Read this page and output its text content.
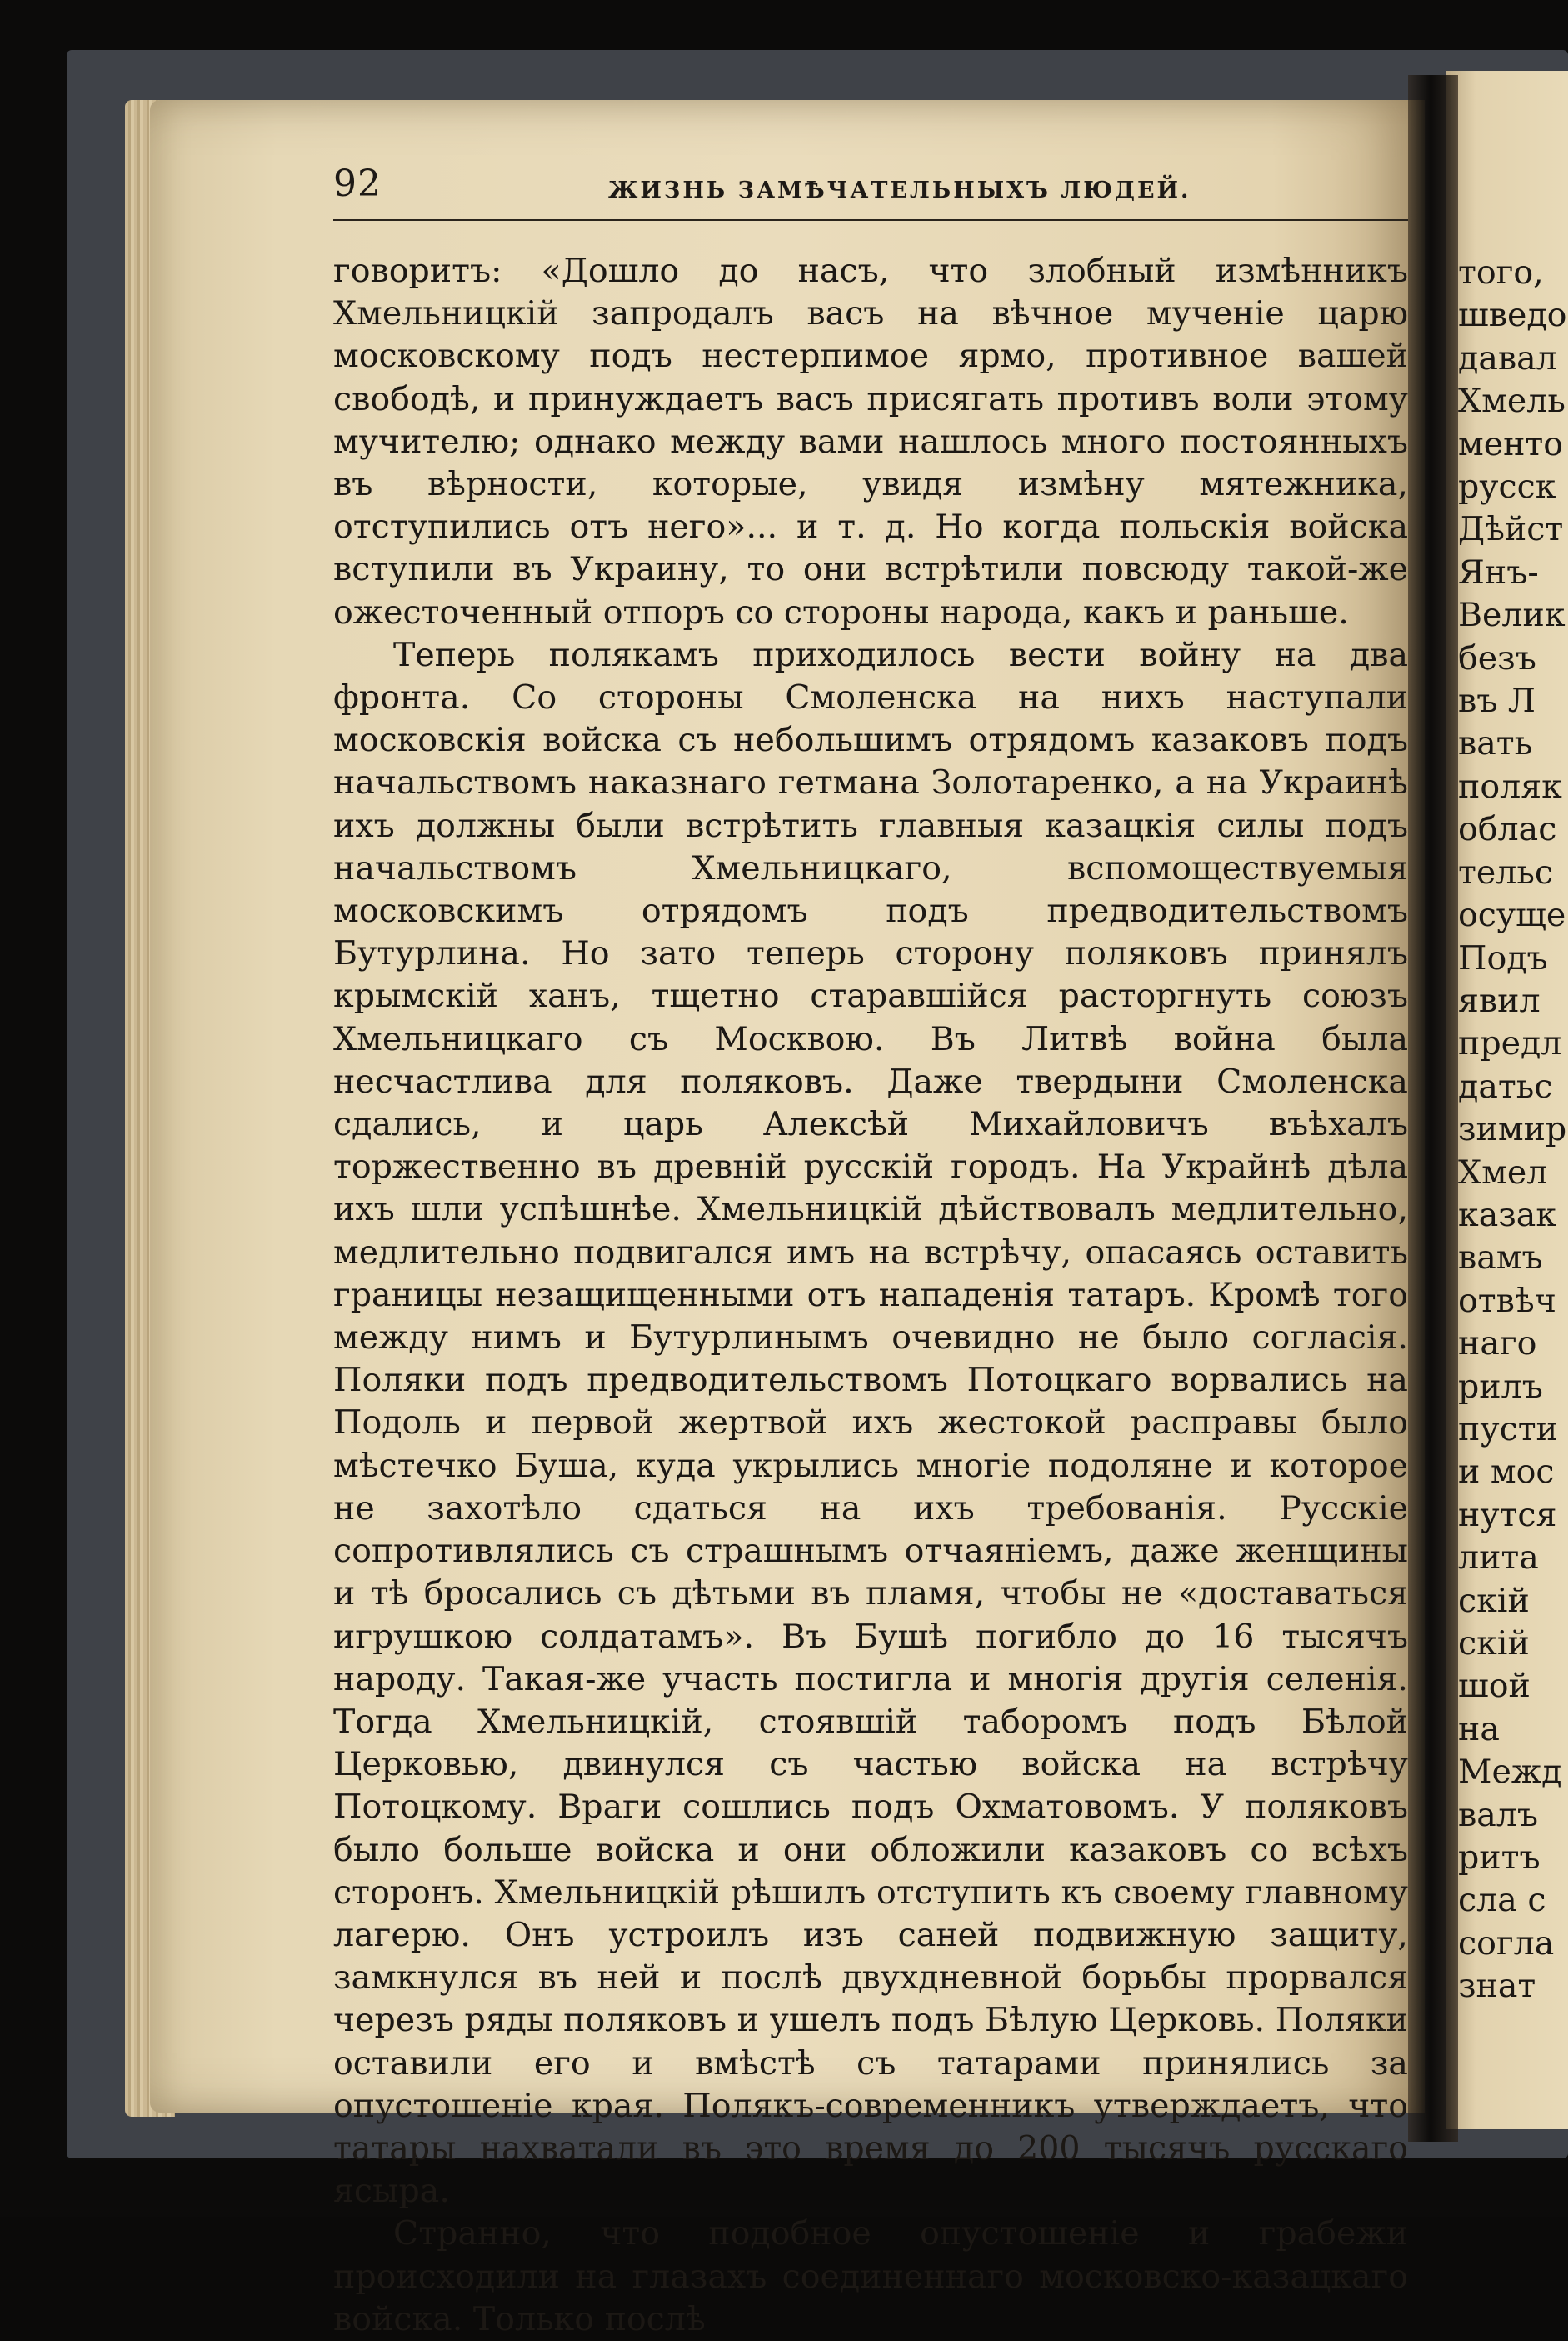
92	ЖИЗНЬ ЗАМѢЧАТЕЛЬНЫХЪ ЛЮДЕЙ.

говоритъ: «Дошло до насъ, что злобный измѣнникъ Хмельницкій запродалъ васъ на вѣчное мученіе царю московскому подъ нестерпимое ярмо, противное вашей свободѣ, и принуждаетъ васъ присягать противъ воли этому мучителю; однако между вами нашлось много постоянныхъ въ вѣрности, которые, увидя измѣну мятежника, отступились отъ него»... и т. д. Но когда польскія войска вступили въ Украину, то они встрѣтили повсюду такой-же ожесточенный отпоръ со стороны народа, какъ и раньше.

Теперь полякамъ приходилось вести войну на два фронта. Со стороны Смоленска на нихъ наступали московскія войска съ небольшимъ отрядомъ казаковъ подъ начальствомъ наказнаго гетмана Золотаренко, а на Украинѣ ихъ должны были встрѣтить главныя казацкія силы подъ начальствомъ Хмельницкаго, вспомоществуемыя московскимъ отрядомъ подъ предводительствомъ Бутурлина. Но зато теперь сторону поляковъ принялъ крымскій ханъ, тщетно старавшійся расторгнуть союзъ Хмельницкаго съ Москвою. Въ Литвѣ война была несчастлива для поляковъ. Даже твердыни Смоленска сдались, и царь Алексѣй Михайловичъ въѣхалъ торжественно въ древній русскій городъ. На Украйнѣ дѣла ихъ шли успѣшнѣе. Хмельницкій дѣйствовалъ медлительно, медлительно подвигался имъ на встрѣчу, опасаясь оставить границы незащищенными отъ нападенія татаръ. Кромѣ того между нимъ и Бутурлинымъ очевидно не было согласія. Поляки подъ предводительствомъ Потоцкаго ворвались на Подоль и первой жертвой ихъ жестокой расправы было мѣстечко Буша, куда укрылись многіе подоляне и которое не захотѣло сдаться на ихъ требованія. Русскіе сопротивлялись съ страшнымъ отчаяніемъ, даже женщины и тѣ бросались съ дѣтьми въ пламя, чтобы не «доставаться игрушкою солдатамъ». Въ Бушѣ погибло до 16 тысячъ народу. Такая-же участь постигла и многія другія селенія. Тогда Хмельницкій, стоявшій таборомъ подъ Бѣлой Церковью, двинулся съ частью войска на встрѣчу Потоцкому. Враги сошлись подъ Охматовомъ. У поляковъ было больше войска и они обложили казаковъ со всѣхъ сторонъ. Хмельницкій рѣшилъ отступить къ своему главному лагерю. Онъ устроилъ изъ саней подвижную защиту, замкнулся въ ней и послѣ двухдневной борьбы прорвался черезъ ряды поляковъ и ушелъ подъ Бѣлую Церковь. Поляки оставили его и вмѣстѣ съ татарами принялись за опустошеніе края. Полякъ-современникъ утверждаетъ, что татары нахватали въ это время до 200 тысячъ русскаго ясыра.

Странно, что подобное опустошеніе и грабежи происходили на глазахъ соединеннаго московско-казацкаго войска. Только послѣ

того,
шведо
давал
Хмель
менто
русск
Дѣйст
Янъ-
Велик
безъ
въ Л
вать
поляк
облас
тельс
осуще
Подъ
явил
предл
датьс
зимир
Хмел
казак
вамъ
отвѣч
наго
рилъ
пусти
и мос
нутся
лита
скій
скій
шой
на
Межд
валъ
ритъ
сла с
согла
знат
